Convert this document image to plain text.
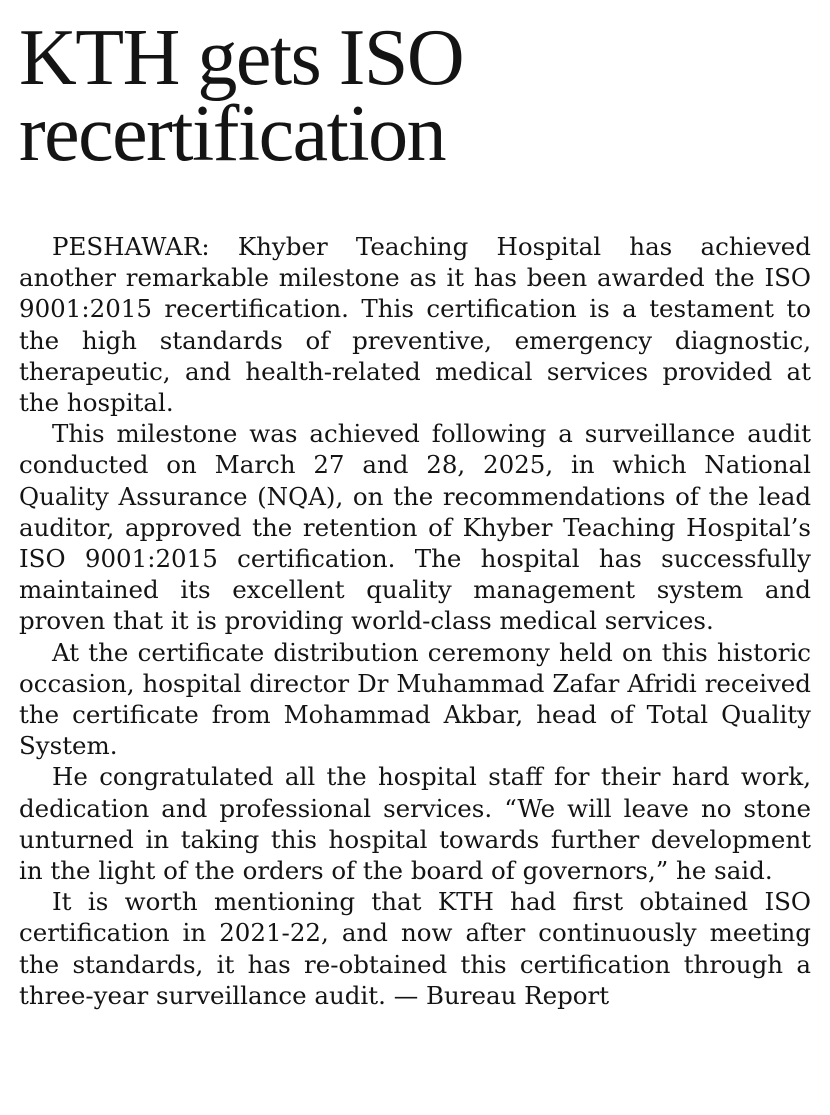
KTH gets ISO
recertification

PESHAWAR: Khyber Teaching Hospital has achieved another remarkable milestone as it has been awarded the ISO 9001:2015 recertification. This certification is a testament to the high standards of preventive, emergency diagnostic, therapeutic, and health-related medical services provided at the hospital.

This milestone was achieved following a surveillance audit conducted on March 27 and 28, 2025, in which National Quality Assurance (NQA), on the recommendations of the lead auditor, approved the retention of Khyber Teaching Hospital’s ISO 9001:2015 certification. The hospital has successfully maintained its excellent quality management system and proven that it is providing world-class medical services.

At the certificate distribution ceremony held on this historic occasion, hospital director Dr Muhammad Zafar Afridi received the certificate from Mohammad Akbar, head of Total Quality System.

He congratulated all the hospital staff for their hard work, dedication and professional services. “We will leave no stone unturned in taking this hospital towards further development in the light of the orders of the board of governors,” he said.

It is worth mentioning that KTH had first obtained ISO certification in 2021-22, and now after continuously meeting the standards, it has re-obtained this certification through a three-year surveillance audit. — Bureau Report
